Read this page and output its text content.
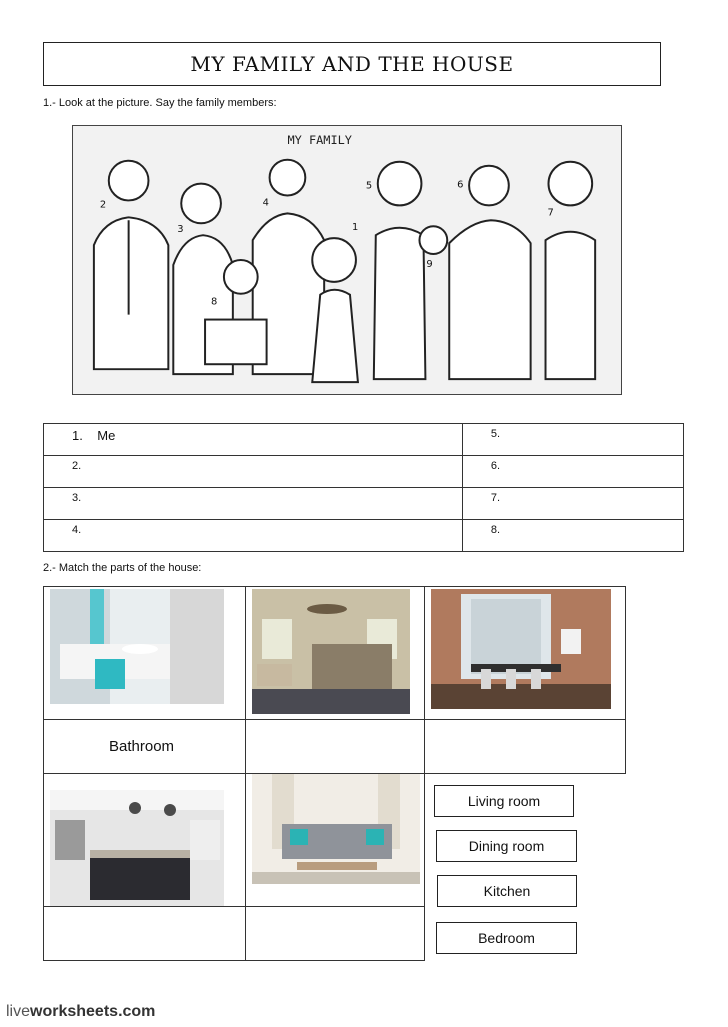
MY FAMILY AND THE HOUSE
1.- Look at the picture. Say the family members:
MY FAMILY
2
3
4
5	6
7
1
8
9
1. Me	5.
2.	6.
3.	7.
4.	8.
2.- Match the parts of the house:
Bathroom
Living room
Dining room
Kitchen
Bedroom
liveworksheets.com
